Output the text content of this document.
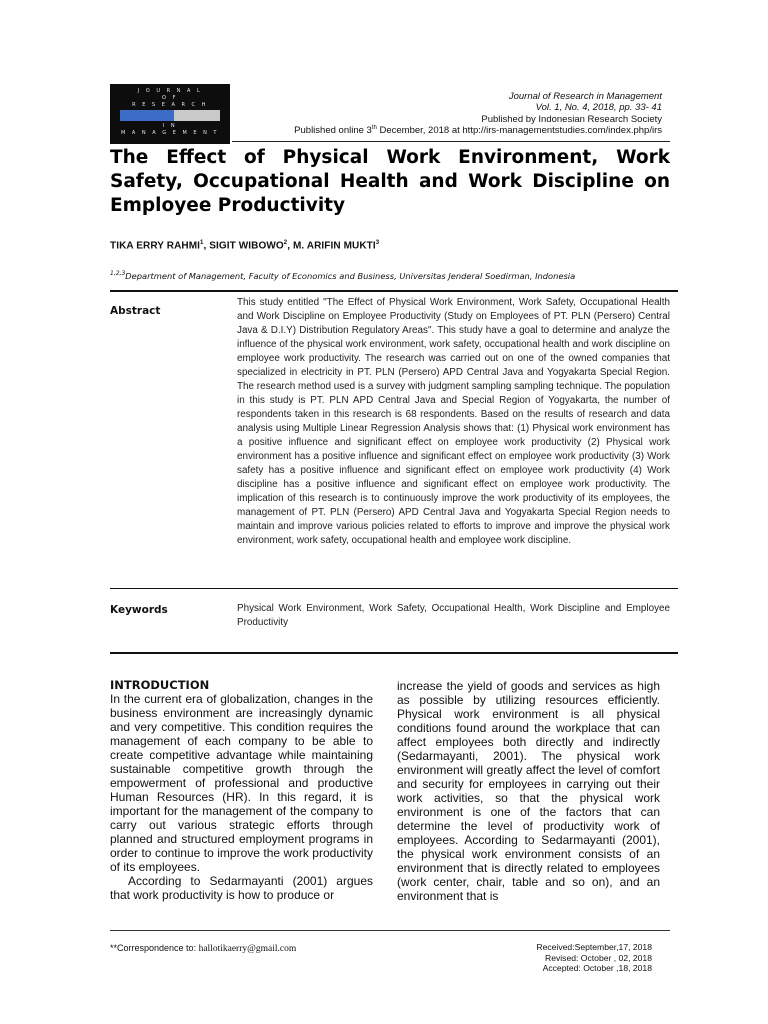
J O U R N A L
O F
R E S E A R C H
I N
M A N A G E M E N T
Journal of Research in Management
Vol. 1, No. 4, 2018, pp. 33- 41
Published by Indonesian Research Society
Published online 3th December, 2018 at http://irs-managementstudies.com/index.php/irs
The Effect of Physical Work Environment, Work Safety, Occupational Health and Work Discipline on Employee Productivity
TIKA ERRY RAHMI$^1$, SIGIT WIBOWO$^2$, M. ARIFIN MUKTI$^3$
$^{1,2,3}$Department of Management, Faculty of Economics and Business, Universitas Jenderal Soedirman, Indonesia
Abstract
This study entitled "The Effect of Physical Work Environment, Work Safety, Occupational Health and Work Discipline on Employee Productivity (Study on Employees of PT. PLN (Persero) Central Java & D.I.Y) Distribution Regulatory Areas". This study have a goal to determine and analyze the influence of the physical work environment, work safety, occupational health and work discipline on employee work productivity. The research was carried out on one of the owned companies that specialized in electricity in PT. PLN (Persero) APD Central Java and Yogyakarta Special Region. The research method used is a survey with judgment sampling sampling technique. The population in this study is PT. PLN APD Central Java and Special Region of Yogyakarta, the number of respondents taken in this research is 68 respondents. Based on the results of research and data analysis using Multiple Linear Regression Analysis shows that: (1) Physical work environment has a positive influence and significant effect on employee work productivity (2) Physical work environment has a positive influence and significant effect on employee work productivity (3) Work safety has a positive influence and significant effect on employee work productivity (4) Work discipline has a positive influence and significant effect on employee work productivity. The implication of this research is to continuously improve the work productivity of its employees, the management of PT. PLN (Persero) APD Central Java and Yogyakarta Special Region needs to maintain and improve various policies related to efforts to improve and improve the physical work environment, work safety, occupational health and employee work discipline.
Keywords	Physical Work Environment, Work Safety, Occupational Health, Work Discipline and Employee Productivity
INTRODUCTION

In the current era of globalization, changes in the business environment are increasingly dynamic and very competitive. This condition requires the management of each company to be able to create competitive advantage while maintaining sustainable competitive growth through the empowerment of professional and productive Human Resources (HR). In this regard, it is important for the management of the company to carry out various strategic efforts through planned and structured employment programs in order to continue to improve the work productivity of its employees.

According to Sedarmayanti (2001) argues that work productivity is how to produce or

increase the yield of goods and services as high as possible by utilizing resources efficiently. Physical work environment is all physical conditions found around the workplace that can affect employees both directly and indirectly (Sedarmayanti, 2001). The physical work environment will greatly affect the level of comfort and security for employees in carrying out their work activities, so that the physical work environment is one of the factors that can determine the level of productivity work of employees. According to Sedarmayanti (2001), the physical work environment consists of an environment that is directly related to employees (work center, chair, table and so on), and an environment that is

**Correspondence to: hallotikaerry@gmail.com	Received:September,17, 2018
Revised: October , 02, 2018
Accepted: October ,18, 2018
